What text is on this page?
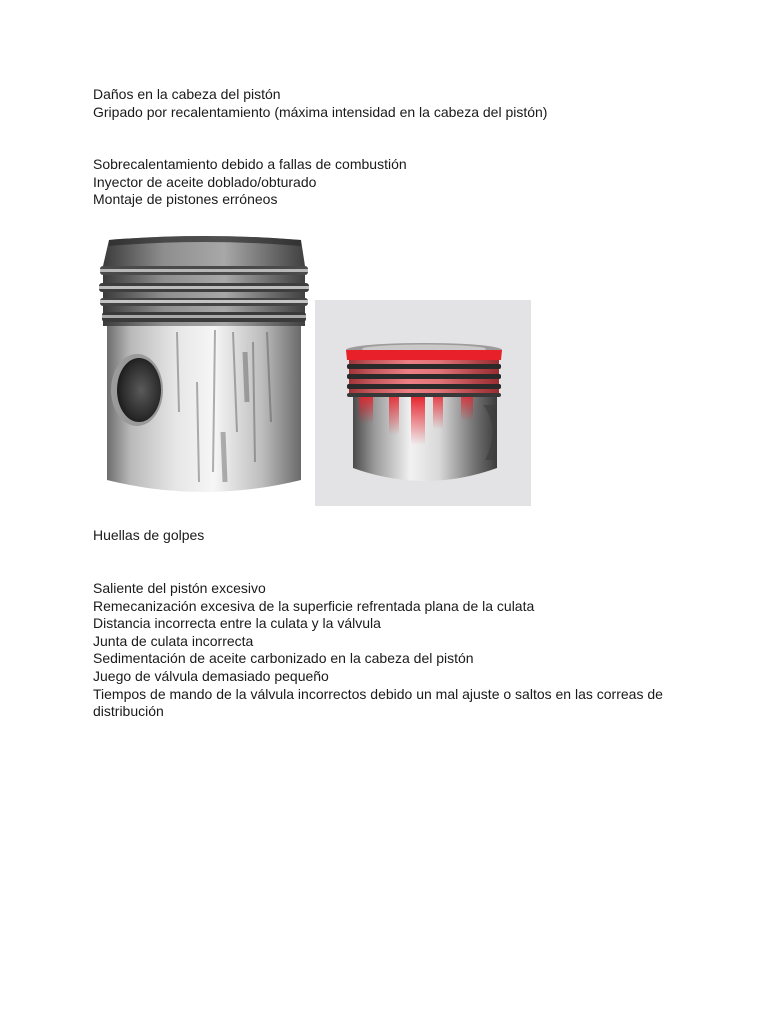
Daños en la cabeza del pistón
Gripado por recalentamiento (máxima intensidad en la cabeza del pistón)
Sobrecalentamiento debido a fallas de combustión
Inyector de aceite doblado/obturado
Montaje de pistones erróneos
Huellas de golpes
Saliente del pistón excesivo
Remecanización excesiva de la superficie refrentada plana de la culata
Distancia incorrecta entre la culata y la válvula
Junta de culata incorrecta
Sedimentación de aceite carbonizado en la cabeza del pistón
Juego de válvula demasiado pequeño
Tiempos de mando de la válvula incorrectos debido un mal ajuste o saltos en las correas de distribución
